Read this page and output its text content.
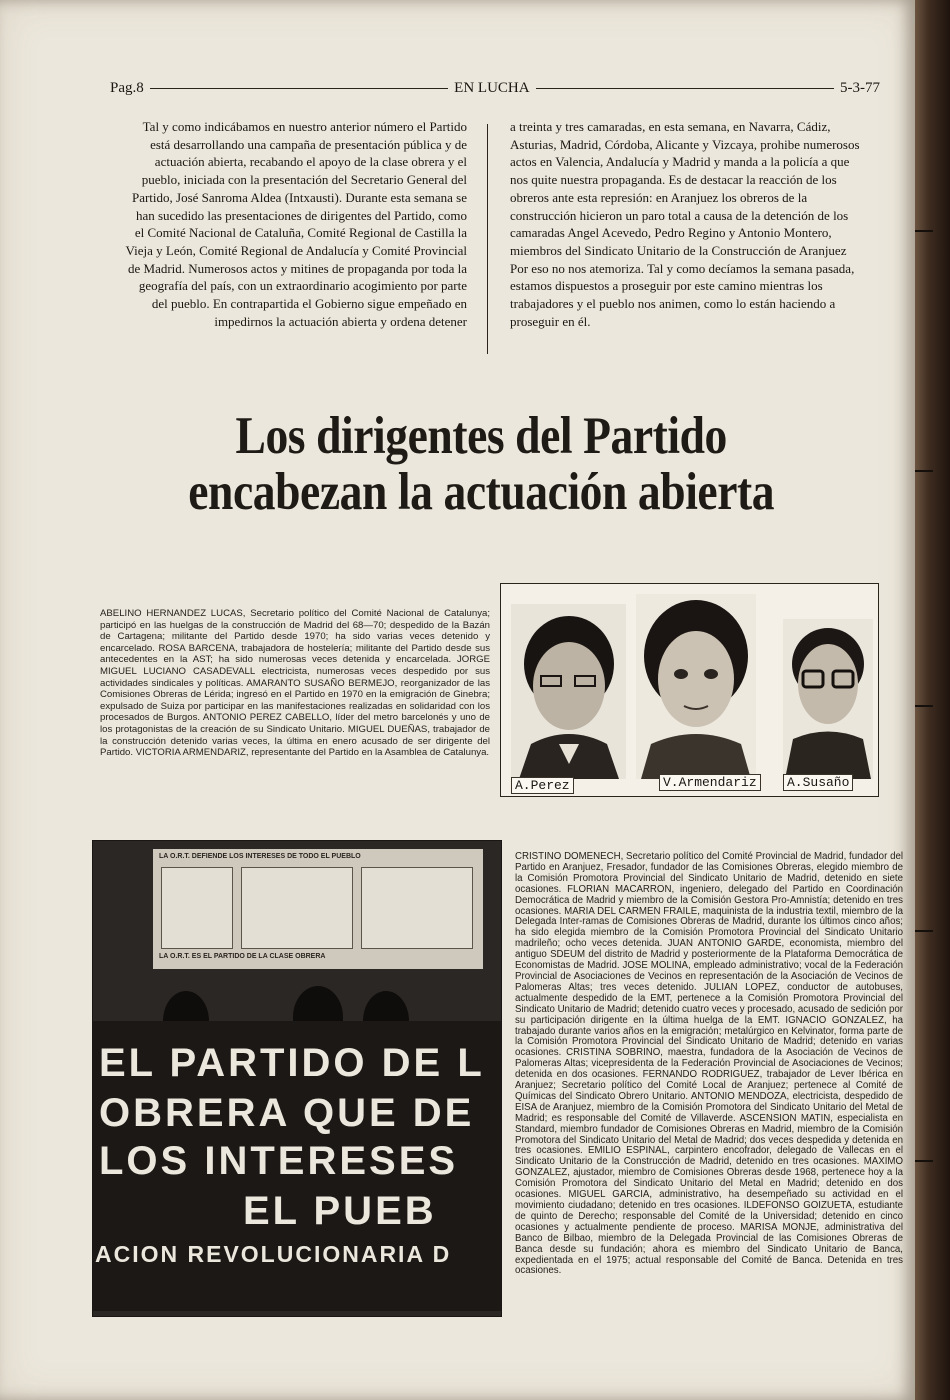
Pag.8	EN LUCHA	5-3-77

Tal y como indicábamos en nuestro anterior número el Partido está desarrollando una campaña de presentación pública y de actuación abierta, recabando el apoyo de la clase obrera y el pueblo, iniciada con la presentación del Secretario General del Partido, José Sanroma Aldea (Intxausti). Durante esta semana se han sucedido las presentaciones de dirigentes del Partido, como el Comité Nacional de Cataluña, Comité Regional de Castilla la Vieja y León, Comité Regional de Andalucía y Comité Provincial de Madrid. Numerosos actos y mitines de propaganda por toda la geografía del país, con un extraordinario acogimiento por parte del pueblo. En contrapartida el Gobierno sigue empeñado en impedirnos la actuación abierta y ordena detener

a treinta y tres camaradas, en esta semana, en Navarra, Cádiz, Asturias, Madrid, Córdoba, Alicante y Vizcaya, prohibe numerosos actos en Valencia, Andalucía y Madrid y manda a la policía a que nos quite nuestra propaganda. Es de destacar la reacción de los obreros ante esta represión: en Aranjuez los obreros de la construcción hicieron un paro total a causa de la detención de los camaradas Angel Acevedo, Pedro Regino y Antonio Montero, miembros del Sindicato Unitario de la Construcción de Aranjuez Por eso no nos atemoriza. Tal y como decíamos la semana pasada, estamos dispuestos a proseguir por este camino mientras los trabajadores y el pueblo nos animen, como lo están haciendo a proseguir en él.

Los dirigentes del Partido
encabezan la actuación abierta

ABELINO HERNANDEZ LUCAS, Secretario político del Comité Nacional de Catalunya; participó en las huelgas de la construcción de Madrid del 68—70; despedido de la Bazán de Cartagena; militante del Partido desde 1970; ha sido varias veces detenido y encarcelado. ROSA BARCENA, trabajadora de hostelería; militante del Partido desde sus antecedentes en la AST; ha sido numerosas veces detenida y encarcelada. JORGE MIGUEL LUCIANO CASADEVALL electricista, numerosas veces despedido por sus actividades sindicales y políticas. AMARANTO SUSAÑO BERMEJO, reorganizador de las Comisiones Obreras de Lérida; ingresó en el Partido en 1970 en la emigración de Ginebra; expulsado de Suiza por participar en las manifestaciones realizadas en solidaridad con los procesados de Burgos. ANTONIO PEREZ CABELLO, líder del metro barcelonés y uno de los protagonistas de la creación de su Sindicato Unitario. MIGUEL DUEÑAS, trabajador de la construcción detenido varias veces, la última en enero acusado de ser dirigente del Partido. VICTORIA ARMENDARIZ, representante del Partido en la Asamblea de Catalunya.

A.Perez	V.Armendariz	A.Susaño
LA O.R.T. DEFIENDE LOS INTERESES DE TODO EL PUEBLO
LA O.R.T. ES EL PARTIDO DE LA CLASE OBRERA
EL PARTIDO DE L
OBRERA QUE DE
LOS INTERESES
EL PUEB
ACION REVOLUCIONARIA D

CRISTINO DOMENECH, Secretario político del Comité Provincial de Madrid, fundador del Partido en Aranjuez, Fresador, fundador de las Comisiones Obreras, elegido miembro de la Comisión Promotora Provincial del Sindicato Unitario de Madrid, detenido en siete ocasiones. FLORIAN MACARRON, ingeniero, delegado del Partido en Coordinación Democrática de Madrid y miembro de la Comisión Gestora Pro-Amnistía; detenido en tres ocasiones. MARIA DEL CARMEN FRAILE, maquinista de la industria textil, miembro de la Delegada Inter-ramas de Comisiones Obreras de Madrid, durante los últimos cinco años; ha sido elegida miembro de la Comisión Promotora Provincial del Sindicato Unitario madrileño; ocho veces detenida. JUAN ANTONIO GARDE, economista, miembro del antiguo SDEUM del distrito de Madrid y posteriormente de la Plataforma Democrática de Economistas de Madrid. JOSE MOLINA, empleado administrativo; vocal de la Federación Provincial de Asociaciones de Vecinos en representación de la Asociación de Vecinos de Palomeras Altas; tres veces detenido. JULIAN LOPEZ, conductor de autobuses, actualmente despedido de la EMT, pertenece a la Comisión Promotora Provincial del Sindicato Unitario de Madrid; detenido cuatro veces y procesado, acusado de sedición por su participación dirigente en la última huelga de la EMT. IGNACIO GONZALEZ, ha trabajado durante varios años en la emigración; metalúrgico en Kelvinator, forma parte de la Comisión Promotora Provincial del Sindicato Unitario de Madrid; detenido en varias ocasiones. CRISTINA SOBRINO, maestra, fundadora de la Asociación de Vecinos de Palomeras Altas; vicepresidenta de la Federación Provincial de Asociaciones de Vecinos; detenida en dos ocasiones. FERNANDO RODRIGUEZ, trabajador de Lever Ibérica en Aranjuez; Secretario político del Comité Local de Aranjuez; pertenece al Comité de Químicas del Sindicato Obrero Unitario. ANTONIO MENDOZA, electricista, despedido de EISA de Aranjuez, miembro de la Comisión Promotora del Sindicato Unitario del Metal de Madrid; es responsable del Comité de Villaverde. ASCENSION MATIN, especialista en Standard, miembro fundador de Comisiones Obreras en Madrid, miembro de la Comisión Promotora del Sindicato Unitario del Metal de Madrid; dos veces despedida y detenida en tres ocasiones. EMILIO ESPINAL, carpintero encofrador, delegado de Vallecas en el Sindicato Unitario de la Construcción de Madrid, detenido en tres ocasiones. MAXIMO GONZALEZ, ajustador, miembro de Comisiones Obreras desde 1968, pertenece hoy a la Comisión Promotora del Sindicato Unitario del Metal en Madrid; detenido en dos ocasiones. MIGUEL GARCIA, administrativo, ha desempeñado su actividad en el movimiento ciudadano; detenido en tres ocasiones. ILDEFONSO GOIZUETA, estudiante de quinto de Derecho; responsable del Comité de la Universidad; detenido en cinco ocasiones y actualmente pendiente de proceso. MARISA MONJE, administrativa del Banco de Bilbao, miembro de la Delegada Provincial de las Comisiones Obreras de Banca desde su fundación; ahora es miembro del Sindicato Unitario de Banca, expedientada en el 1975; actual responsable del Comité de Banca. Detenida en tres ocasiones.
